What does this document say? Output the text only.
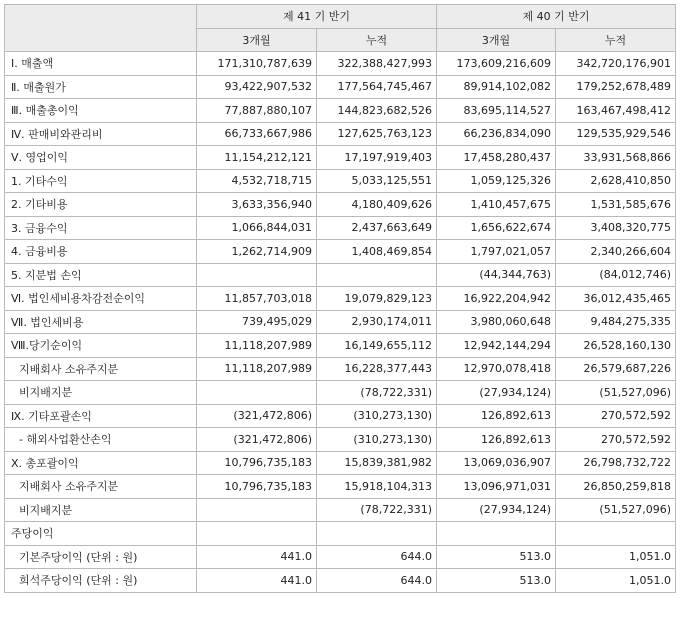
	제 41 기 반기		제 40 기 반기	
	3개월	누적	3개월	누적
Ⅰ. 매출액	171,310,787,639	322,388,427,993	173,609,216,609	342,720,176,901
Ⅱ. 매출원가	93,422,907,532	177,564,745,467	89,914,102,082	179,252,678,489
Ⅲ. 매출총이익	77,887,880,107	144,823,682,526	83,695,114,527	163,467,498,412
Ⅳ. 판매비와관리비	66,733,667,986	127,625,763,123	66,236,834,090	129,535,929,546
Ⅴ. 영업이익	11,154,212,121	17,197,919,403	17,458,280,437	33,931,568,866
1. 기타수익	4,532,718,715	5,033,125,551	1,059,125,326	2,628,410,850
2. 기타비용	3,633,356,940	4,180,409,626	1,410,457,675	1,531,585,676
3. 금융수익	1,066,844,031	2,437,663,649	1,656,622,674	3,408,320,775
4. 금융비용	1,262,714,909	1,408,469,854	1,797,021,057	2,340,266,604
5. 지분법 손익			(44,344,763)	(84,012,746)
Ⅵ. 법인세비용차감전순이익	11,857,703,018	19,079,829,123	16,922,204,942	36,012,435,465
Ⅶ. 법인세비용	739,495,029	2,930,174,011	3,980,060,648	9,484,275,335
Ⅷ.당기순이익	11,118,207,989	16,149,655,112	12,942,144,294	26,528,160,130
지배회사 소유주지분	11,118,207,989	16,228,377,443	12,970,078,418	26,579,687,226
비지배지분		(78,722,331)	(27,934,124)	(51,527,096)
Ⅸ. 기타포괄손익	(321,472,806)	(310,273,130)	126,892,613	270,572,592
- 해외사업환산손익	(321,472,806)	(310,273,130)	126,892,613	270,572,592
Ⅹ. 총포괄이익	10,796,735,183	15,839,381,982	13,069,036,907	26,798,732,722
지배회사 소유주지분	10,796,735,183	15,918,104,313	13,096,971,031	26,850,259,818
비지배지분		(78,722,331)	(27,934,124)	(51,527,096)
주당이익				
기본주당이익 (단위 : 원)	441.0	644.0	513.0	1,051.0
희석주당이익 (단위 : 원)	441.0	644.0	513.0	1,051.0
